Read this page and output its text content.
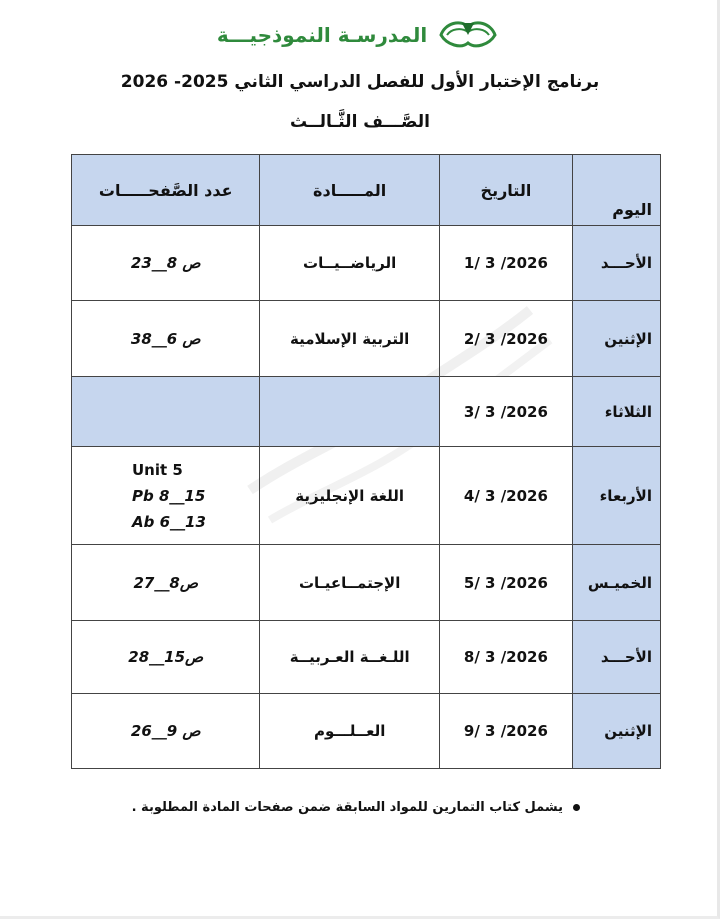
المدرسـة النموذجيـــة
برنامج الإختبار الأول للفصل الدراسي الثاني 2025- 2026
الصَّـــف الثَّـالــث
اليوم	التاريخ	المـــــادة	عدد الصَّفحـــــات
الأحـــد	1/ 3 /2026	الرياضــيــات	ص 8__23

الإثنين	2/ 3 /2026	التربية الإسلامية	ص 6__38

الثلاثاء	3/ 3 /2026		
الأربعاء	4/ 3 /2026	اللغة الإنجليزية	Unit 5
Pb 8__15
Ab 6__13

الخميـس	5/ 3 /2026	الإجتمــاعيـات	ص8__27

الأحـــد	8/ 3 /2026	اللـغــة العـربيــة	ص15__28

الإثنين	9/ 3 /2026	العــلـــوم	ص 9__26
يشمل كتاب التمارين للمواد السابقة ضمن صفحات المادة المطلوبة .
